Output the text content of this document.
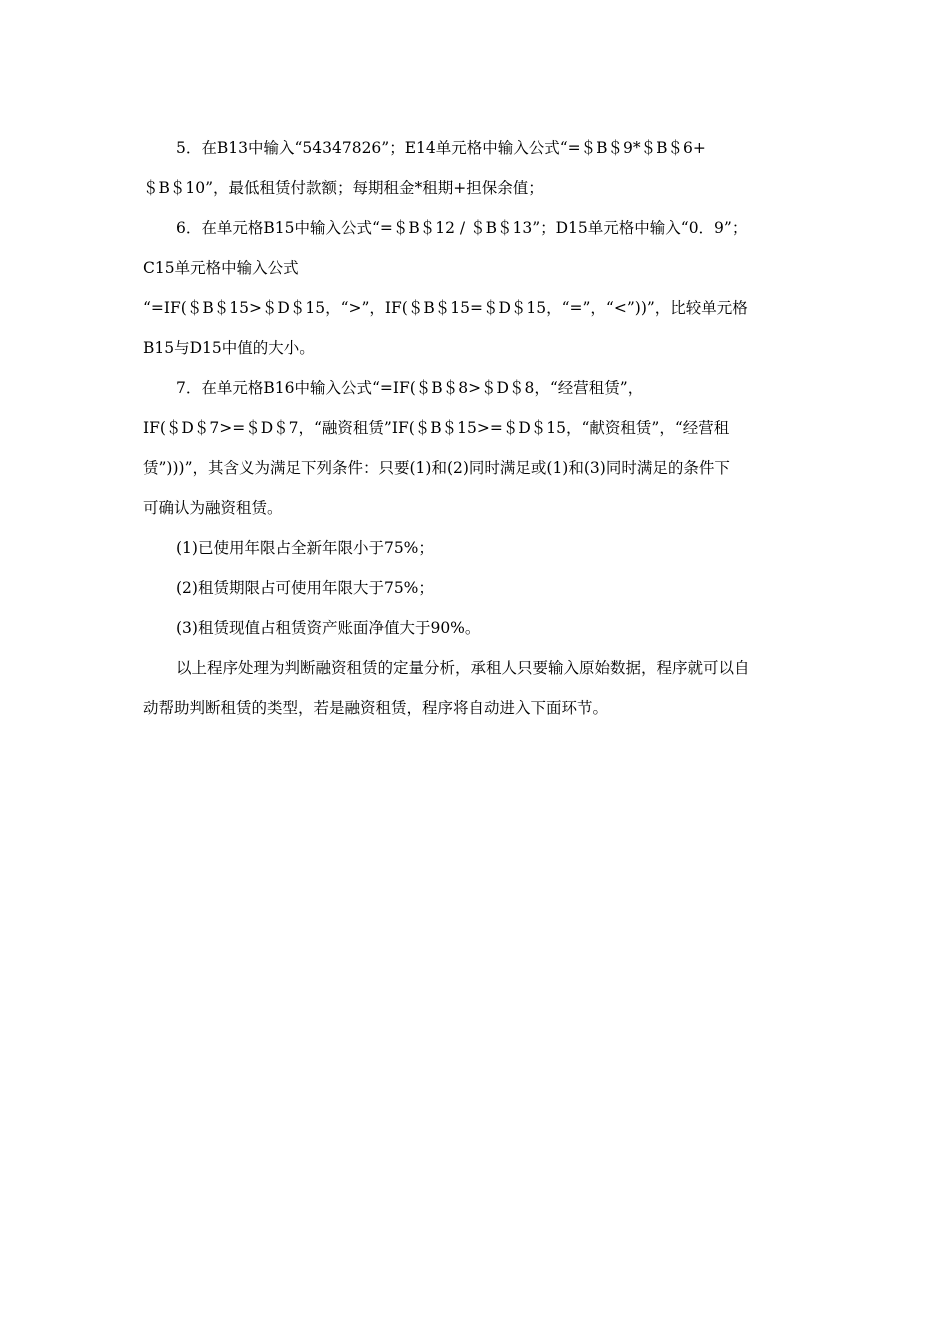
5．在B13中输入“54347826”；E14单元格中输入公式“=＄B＄9*＄B＄6+
＄B＄10”，最低租赁付款额；每期租金*租期+担保余值；
6．在单元格B15中输入公式“=＄B＄12 / ＄B＄13”；D15单元格中输入“0．9”；
C15单元格中输入公式
“=IF(＄B＄15>＄D＄15，“>”，IF(＄B＄15=＄D＄15，“=”，“<”))”，比较单元格
B15与D15中值的大小。
7．在单元格B16中输入公式“=IF(＄B＄8>＄D＄8，“经营租赁”，
IF(＄D＄7>=＄D＄7，“融资租赁”IF(＄B＄15>=＄D＄15，“献资租赁”，“经营租
赁”)))”，其含义为满足下列条件：只要(1)和(2)同时满足或(1)和(3)同时满足的条件下
可确认为融资租赁。
(1)已使用年限占全新年限小于75%；
(2)租赁期限占可使用年限大于75%；
(3)租赁现值占租赁资产账面净值大于90%。
以上程序处理为判断融资租赁的定量分析，承租人只要输入原始数据，程序就可以自
动帮助判断租赁的类型，若是融资租赁，程序将自动进入下面环节。
